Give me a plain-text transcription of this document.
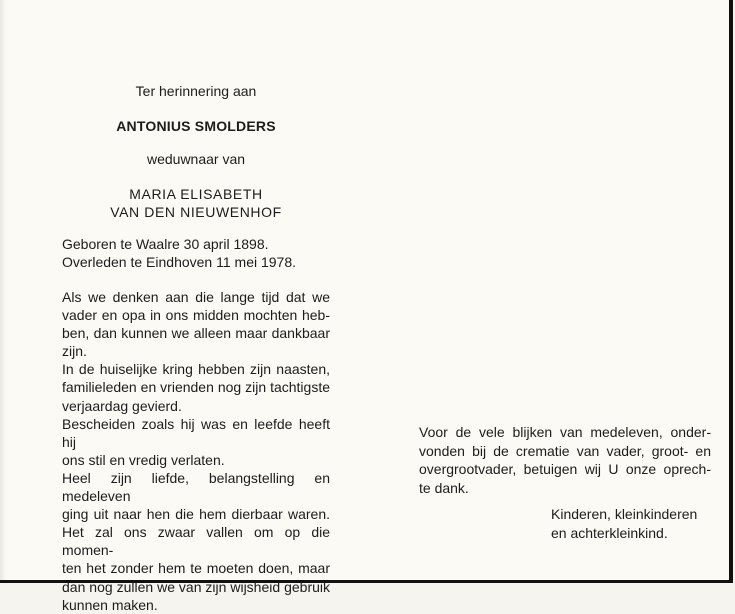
Ter herinnering aan
ANTONIUS SMOLDERS
weduwnaar van
MARIA ELISABETH
VAN DEN NIEUWENHOF
Geboren te Waalre 30 april 1898.
Overleden te Eindhoven 11 mei 1978.
Als we denken aan die lange tijd dat we
vader en opa in ons midden mochten heb-
ben, dan kunnen we alleen maar dankbaar
zijn.
In de huiselijke kring hebben zijn naasten,
familieleden en vrienden nog zijn tachtigste
verjaardag gevierd.
Bescheiden zoals hij was en leefde heeft hij
ons stil en vredig verlaten.
Heel zijn liefde, belangstelling en medeleven
ging uit naar hen die hem dierbaar waren.
Het zal ons zwaar vallen om op die momen-
ten het zonder hem te moeten doen, maar
dan nog zullen we van zijn wijsheid gebruik
kunnen maken.
Voor de vele blijken van medeleven, onder-
vonden bij de crematie van vader, groot- en
overgrootvader, betuigen wij U onze oprech-
te dank.
Kinderen, kleinkinderen
en achterkleinkind.
